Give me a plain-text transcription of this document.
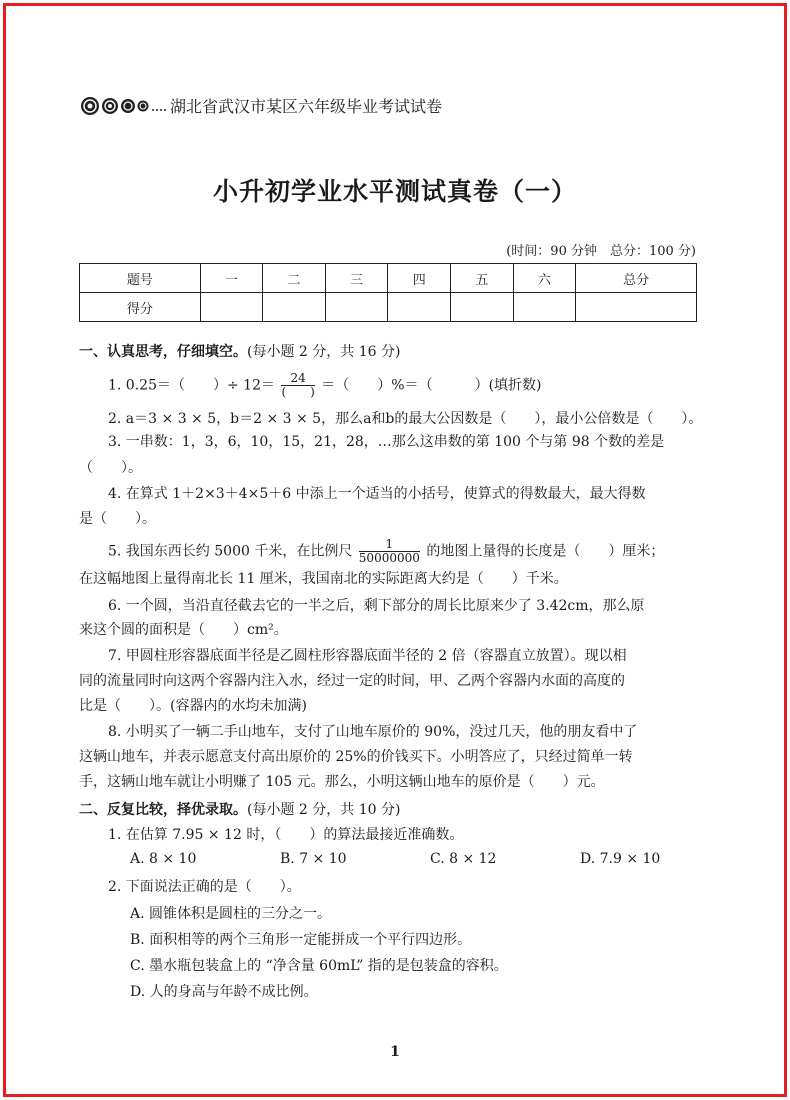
湖北省武汉市某区六年级毕业考试试卷
小升初学业水平测试真卷（一）
(时间：90 分钟　总分：100 分)
题号	一	二	三	四	五	六	总分
得分							
一、认真思考，仔细填空。(每小题 2 分，共 16 分)
1. 0.25＝（　　）÷ $12= \frac{24}{( )}$ ＝（　　）%＝（　　　）(填折数)
2. a＝3 × 3 × 5，b＝2 × 3 × 5，那么a和b的最大公因数是（　　），最小公倍数是（　　）。
3. 一串数：1，3，6，10，15，21，28，…那么这串数的第 100 个与第 98 个数的差是
（　　）。
4. 在算式 1＋2×3＋4×5＋6 中添上一个适当的小括号，使算式的得数最大，最大得数
是（　　）。
5. 我国东西长约 5000 千米，在比例尺 $\frac{1}{50000000}$ 的地图上量得的长度是（　　）厘米；
在这幅地图上量得南北长 11 厘米，我国南北的实际距离大约是（　　）千米。
6. 一个圆，当沿直径截去它的一半之后，剩下部分的周长比原来少了 3.42cm，那么原
来这个圆的面积是（　　）cm²。
7. 甲圆柱形容器底面半径是乙圆柱形容器底面半径的 2 倍（容器直立放置）。现以相
同的流量同时向这两个容器内注入水，经过一定的时间，甲、乙两个容器内水面的高度的
比是（　　）。(容器内的水均未加满)
8. 小明买了一辆二手山地车，支付了山地车原价的 90%，没过几天，他的朋友看中了
这辆山地车，并表示愿意支付高出原价的 25%的价钱买下。小明答应了，只经过简单一转
手，这辆山地车就让小明赚了 105 元。那么，小明这辆山地车的原价是（　　）元。
二、反复比较，择优录取。(每小题 2 分，共 10 分)
1. 在估算 7.95 × 12 时，（　　）的算法最接近准确数。
A. 8 × 10	B. 7 × 10	C. 8 × 12	D. 7.9 × 10
2. 下面说法正确的是（　　）。
A. 圆锥体积是圆柱的三分之一。
B. 面积相等的两个三角形一定能拼成一个平行四边形。
C. 墨水瓶包装盒上的 “净含量 60mL” 指的是包装盒的容积。
D. 人的身高与年龄不成比例。
1
